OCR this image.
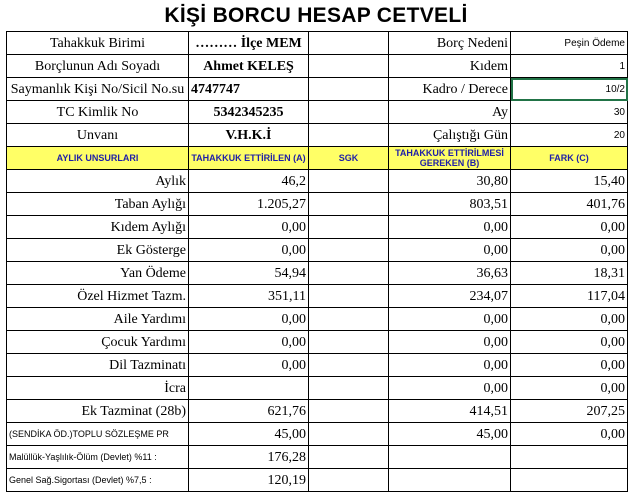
KİŞİ BORCU HESAP CETVELİ
Tahakkuk Birimi	……… İlçe MEM		Borç Nedeni	Peşin Ödeme
Borçlunun Adı Soyadı	Ahmet KELEŞ		Kıdem	1
Saymanlık Kişi No/Sicil No.su	4747747		Kadro / Derece	10/2
TC Kimlik No	5342345235		Ay	30
Unvanı	V.H.K.İ		Çalıştığı Gün	20
AYLIK UNSURLARI	TAHAKKUK ETTİRİLEN (A)	SGK	TAHAKKUK ETTİRİLMESİ GEREKEN (B)	FARK (C)
Aylık	46,2		30,80	15,40
Taban Aylığı	1.205,27		803,51	401,76
Kıdem Aylığı	0,00		0,00	0,00
Ek Gösterge	0,00		0,00	0,00
Yan Ödeme	54,94		36,63	18,31
Özel Hizmet Tazm.	351,11		234,07	117,04
Aile Yardımı	0,00		0,00	0,00
Çocuk Yardımı	0,00		0,00	0,00
Dil Tazminatı	0,00		0,00	0,00
İcra			0,00	0,00
Ek Tazminat (28b)	621,76		414,51	207,25
(SENDİKA ÖD.)TOPLU SÖZLEŞME PR	45,00		45,00	0,00
Malüllük-Yaşlılık-Ölüm (Devlet) %11 :	176,28			
Genel Sağ.Sigortası (Devlet) %7,5 :	120,19			
